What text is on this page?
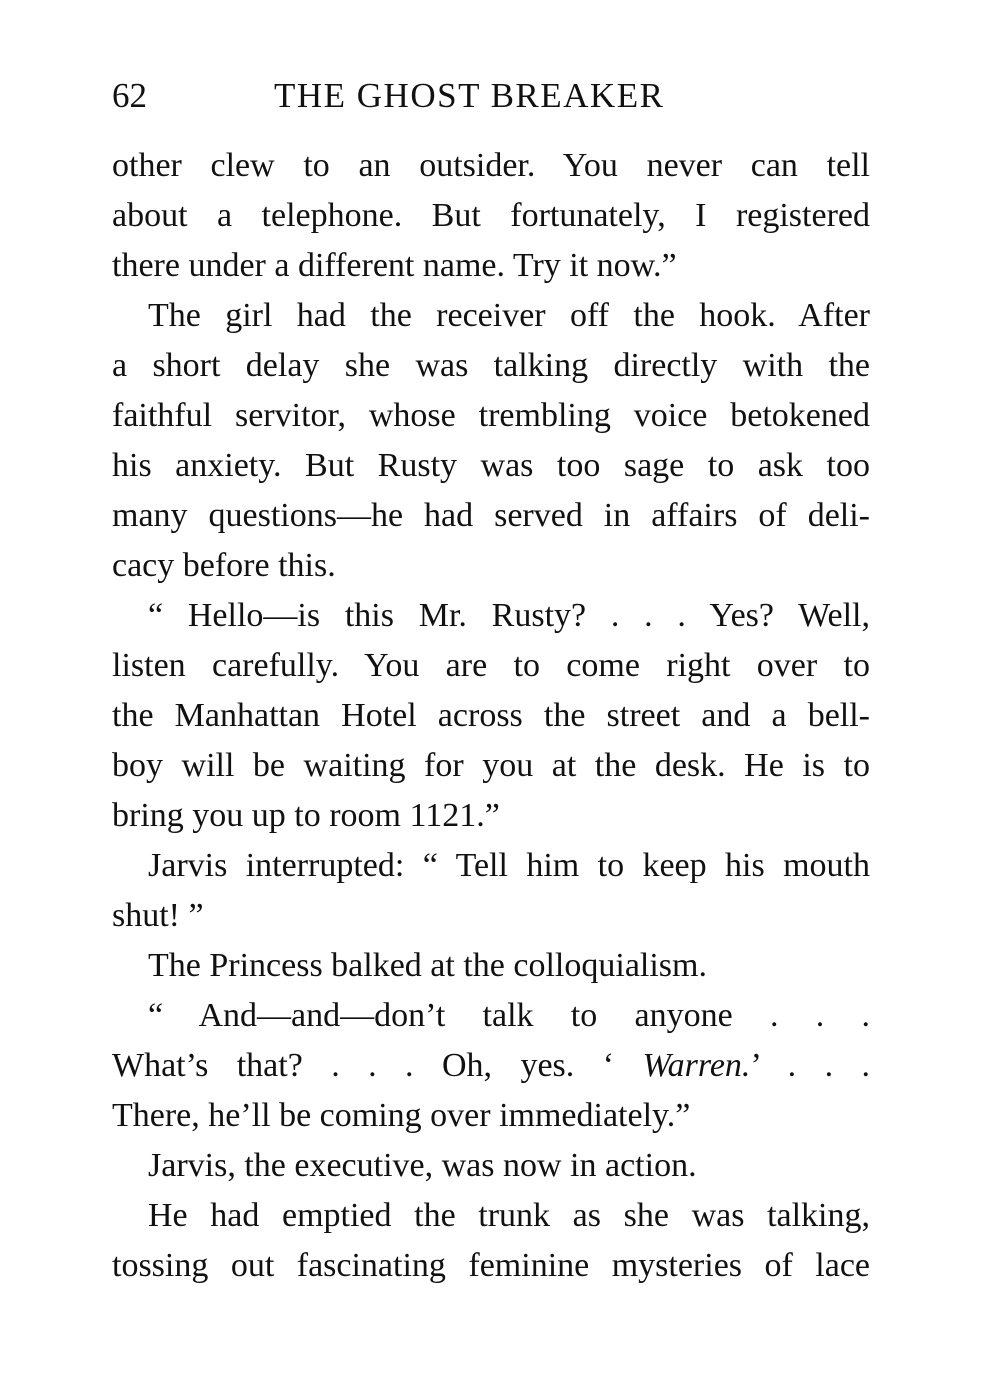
62	THE GHOST BREAKER
other clew to an outsider. You never can tell
about a telephone. But fortunately, I registered
there under a different name. Try it now.”
The girl had the receiver off the hook. After
a short delay she was talking directly with the
faithful servitor, whose trembling voice betokened
his anxiety. But Rusty was too sage to ask too
many questions—he had served in affairs of deli-
cacy before this.
“ Hello—is this Mr. Rusty? . . . Yes? Well,
listen carefully. You are to come right over to
the Manhattan Hotel across the street and a bell-
boy will be waiting for you at the desk. He is to
bring you up to room 1121.”
Jarvis interrupted: “ Tell him to keep his mouth
shut! ”
The Princess balked at the colloquialism.
“ And—and—don’t talk to anyone . . .
What’s that? . . . Oh, yes. ‘ Warren.’ . . .
There, he’ll be coming over immediately.”
Jarvis, the executive, was now in action.
He had emptied the trunk as she was talking,
tossing out fascinating feminine mysteries of lace
